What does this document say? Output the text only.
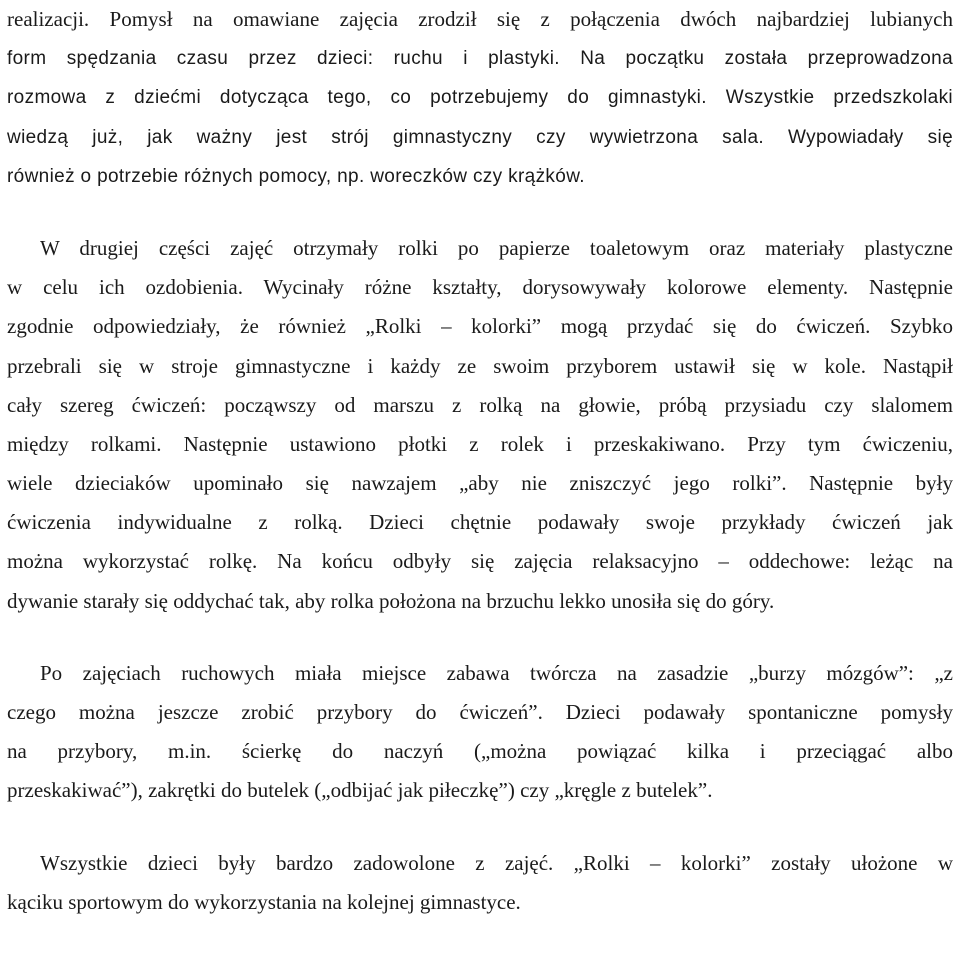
realizacji. Pomysł na omawiane zajęcia zrodził się z połączenia dwóch najbardziej lubianych
form spędzania czasu przez dzieci: ruchu i plastyki. Na początku została przeprowadzona
rozmowa z dziećmi dotycząca tego, co potrzebujemy do gimnastyki. Wszystkie przedszkolaki
wiedzą już, jak ważny jest strój gimnastyczny czy wywietrzona sala. Wypowiadały się
również o potrzebie różnych pomocy, np. woreczków czy krążków.

W drugiej części zajęć otrzymały rolki po papierze toaletowym oraz materiały plastyczne
w celu ich ozdobienia. Wycinały różne kształty, dorysowywały kolorowe elementy. Następnie
zgodnie odpowiedziały, że również „Rolki – kolorki” mogą przydać się do ćwiczeń. Szybko
przebrali się w stroje gimnastyczne i każdy ze swoim przyborem ustawił się w kole. Nastąpił
cały szereg ćwiczeń: począwszy od marszu z rolką na głowie, próbą przysiadu czy slalomem
między rolkami. Następnie ustawiono płotki z rolek i przeskakiwano. Przy tym ćwiczeniu,
wiele dzieciaków upominało się nawzajem „aby nie zniszczyć jego rolki”. Następnie były
ćwiczenia indywidualne z rolką. Dzieci chętnie podawały swoje przykłady ćwiczeń jak
można wykorzystać rolkę. Na końcu odbyły się zajęcia relaksacyjno – oddechowe: leżąc na
dywanie starały się oddychać tak, aby rolka położona na brzuchu lekko unosiła się do góry.

Po zajęciach ruchowych miała miejsce zabawa twórcza na zasadzie „burzy mózgów”: „z
czego można jeszcze zrobić przybory do ćwiczeń”. Dzieci podawały spontaniczne pomysły
na przybory, m.in. ścierkę do naczyń („można powiązać kilka i przeciągać albo
przeskakiwać”), zakrętki do butelek („odbijać jak piłeczkę”) czy „kręgle z butelek”.

Wszystkie dzieci były bardzo zadowolone z zajęć. „Rolki – kolorki” zostały ułożone w
kąciku sportowym do wykorzystania na kolejnej gimnastyce.
